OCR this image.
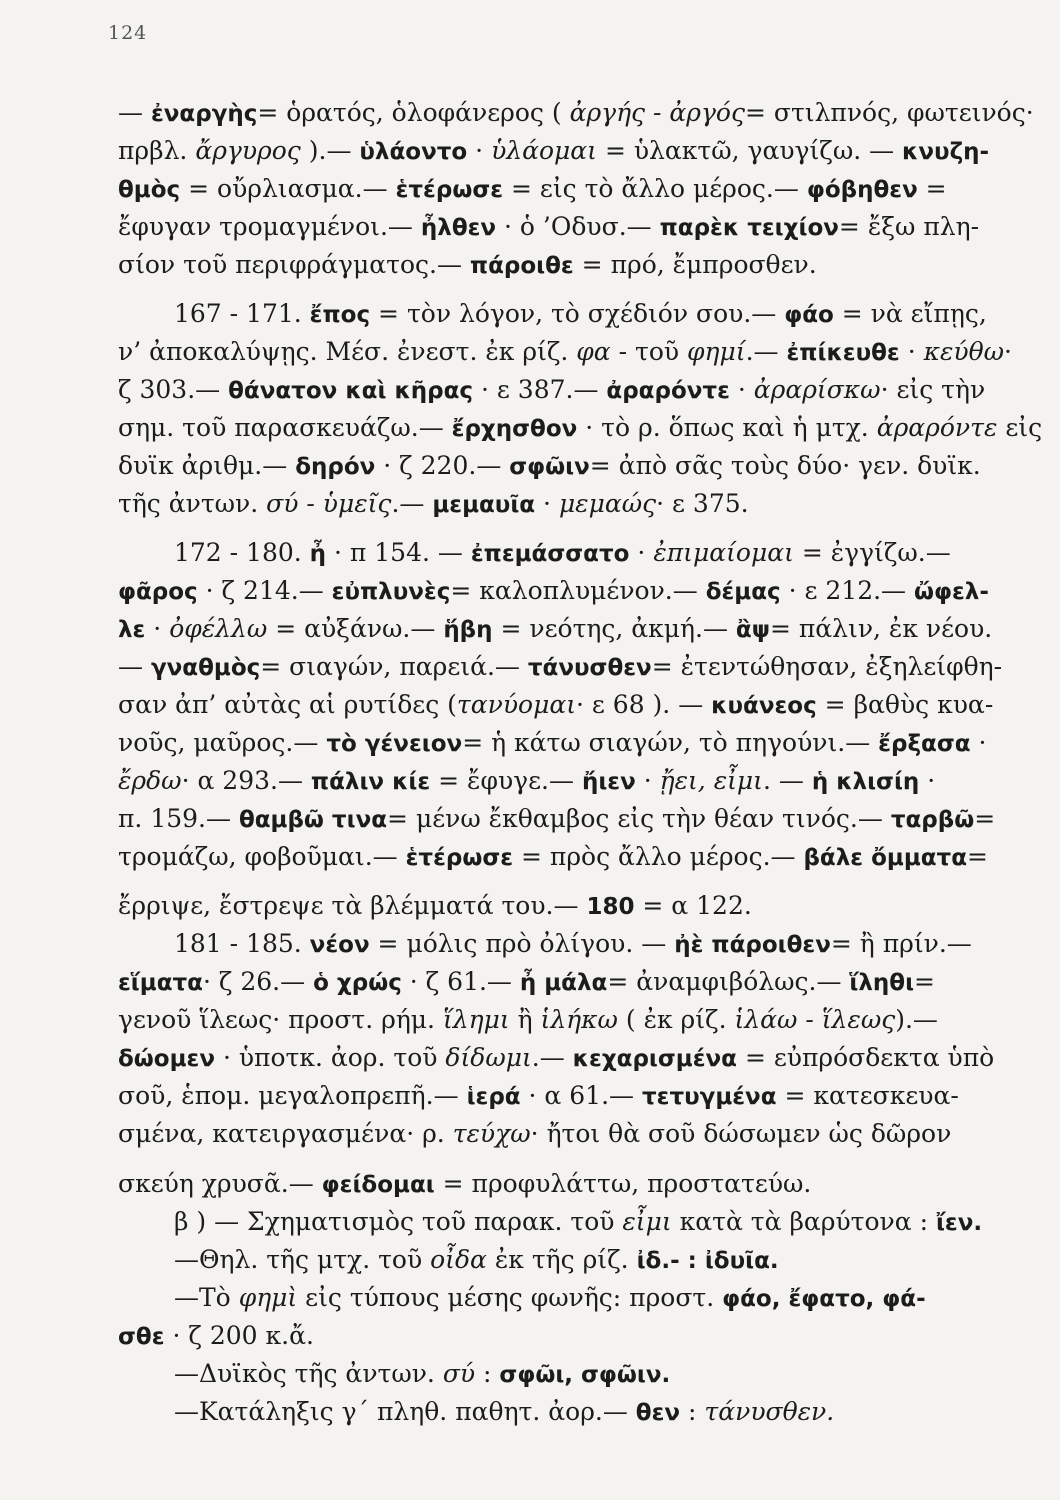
124
— ἐναργὴς= ὁρατός, ὁλοφάνερος ( ἀργής - ἀργός= στιλπνός, φωτεινός·
πρβλ. ἄργυρος ).— ὑλάοντο · ὑλάομαι = ὑλακτῶ, γαυγίζω. — κνυζη-
θμὸς = οὔρλιασμα.— ἑτέρωσε = εἰς τὸ ἄλλο μέρος.— φόβηθεν =
ἔφυγαν τρομαγμένοι.— ἦλθεν · ὁ ’Οδυσ.— παρὲκ τειχίον= ἔξω πλη-
σίον τοῦ περιφράγματος.— πάροιθε = πρό, ἔμπροσθεν.
167 - 171. ἔπος = τὸν λόγον, τὸ σχέδιόν σου.— φάο = νὰ εἴπῃς,
ν’ ἀποκαλύψῃς. Μέσ. ἐνεστ. ἐκ ρίζ. φα - τοῦ φημί.— ἐπίκευθε · κεύθω·
ζ 303.— θάνατον καὶ κῆρας · ε 387.— ἀραρόντε · ἀραρίσκω· εἰς τὴν
σημ. τοῦ παρασκευάζω.— ἔρχησθον · τὸ ρ. ὅπως καὶ ἡ μτχ. ἀραρόντε εἰς
δυϊκ ἀριθμ.— δηρόν · ζ 220.— σφῶιν= ἀπὸ σᾶς τοὺς δύο· γεν. δυϊκ.
τῆς ἀντων. σύ - ὑμεῖς.— μεμαυῖα · μεμαώς· ε 375.
172 - 180. ἦ · π 154. — ἐπεμάσσατο · ἐπιμαίομαι = ἐγγίζω.—
φᾶρος · ζ 214.— εὐπλυνὲς= καλοπλυμένον.— δέμας · ε 212.— ὤφελ-
λε · ὀφέλλω = αὐξάνω.— ἥβη = νεότης, ἀκμή.— ἂψ= πάλιν, ἐκ νέου.
— γναθμὸς= σιαγών, παρειά.— τάνυσθεν= ἐτεντώθησαν, ἐξηλείφθη-
σαν ἀπ’ αὐτὰς αἱ ρυτίδες (τανύομαι· ε 68 ). — κυάνεος = βαθὺς κυα-
νοῦς, μαῦρος.— τὸ γένειον= ἡ κάτω σιαγών, τὸ πηγούνι.— ἔρξασα ·
ἔρδω· α 293.— πάλιν κίε = ἔφυγε.— ἤιεν · ᾔει, εἶμι. — ἡ κλισίη ·
π. 159.— θαμβῶ τινα= μένω ἔκθαμβος εἰς τὴν θέαν τινός.— ταρβῶ=
τρομάζω, φοβοῦμαι.— ἑτέρωσε = πρὸς ἄλλο μέρος.— βάλε ὄμματα=
ἔρριψε, ἔστρεψε τὰ βλέμματά του.— 180 = α 122.
181 - 185. νέον = μόλις πρὸ ὀλίγου. — ἠὲ πάροιθεν= ἢ πρίν.—
εἵματα· ζ 26.— ὁ χρώς · ζ 61.— ἦ μάλα= ἀναμφιβόλως.— ἵληθι=
γενοῦ ἵλεως· προστ. ρήμ. ἵλημι ἢ ἱλήκω ( ἐκ ρίζ. ἱλάω - ἵλεως).—
δώομεν · ὑποτκ. ἀορ. τοῦ δίδωμι.— κεχαρισμένα = εὐπρόσδεκτα ὑπὸ
σοῦ, ἑπομ. μεγαλοπρεπῆ.— ἱερά · α 61.— τετυγμένα = κατεσκευα-
σμένα, κατειργασμένα· ρ. τεύχω· ἤτοι θὰ σοῦ δώσωμεν ὡς δῶρον
σκεύη χρυσᾶ.— φείδομαι = προφυλάττω, προστατεύω.
β ) — Σχηματισμὸς τοῦ παρακ. τοῦ εἶμι κατὰ τὰ βαρύτονα : ἴεν.
—Θηλ. τῆς μτχ. τοῦ οἶδα ἐκ τῆς ρίζ. ἰδ.- : ἰδυῖα.
—Τὸ φημὶ εἰς τύπους μέσης φωνῆς: προστ. φάο, ἔφατο, φά-
σθε · ζ 200 κ.ἄ.
—Δυϊκὸς τῆς ἀντων. σύ : σφῶι, σφῶιν.
—Κατάληξις γ΄ πληθ. παθητ. ἀορ.— θεν : τάνυσθεν.
